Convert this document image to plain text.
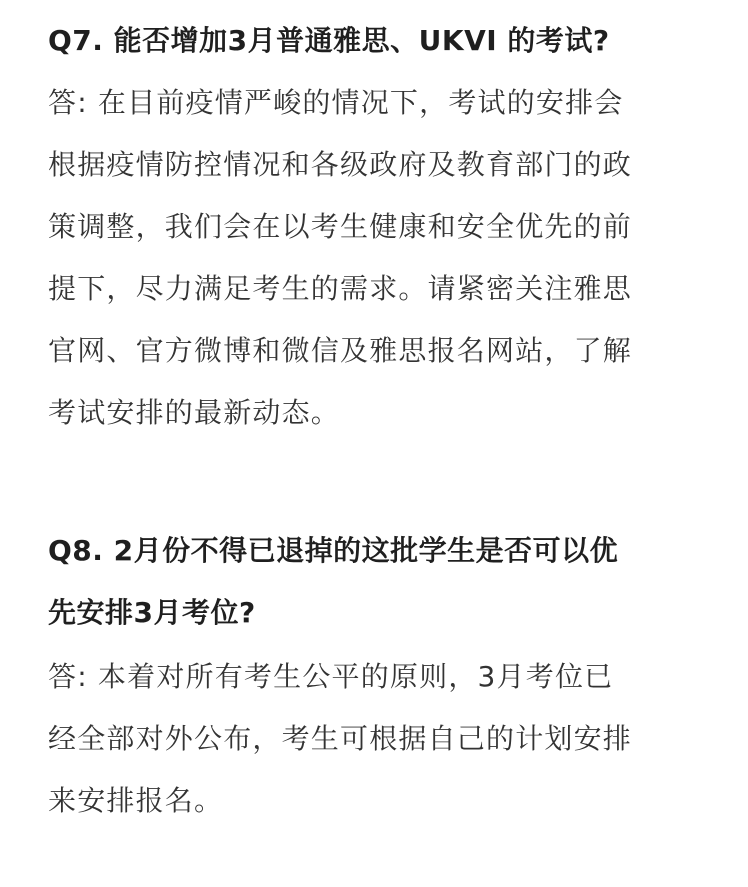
Q7. 能否增加3月普通雅思、UKVI 的考试?
答: 在目前疫情严峻的情况下，考试的安排会
根据疫情防控情况和各级政府及教育部门的政
策调整，我们会在以考生健康和安全优先的前
提下，尽力满足考生的需求。请紧密关注雅思
官网、官方微博和微信及雅思报名网站，了解
考试安排的最新动态。
Q8. 2月份不得已退掉的这批学生是否可以优
先安排3月考位?
答: 本着对所有考生公平的原则，3月考位已
经全部对外公布，考生可根据自己的计划安排
来安排报名。
